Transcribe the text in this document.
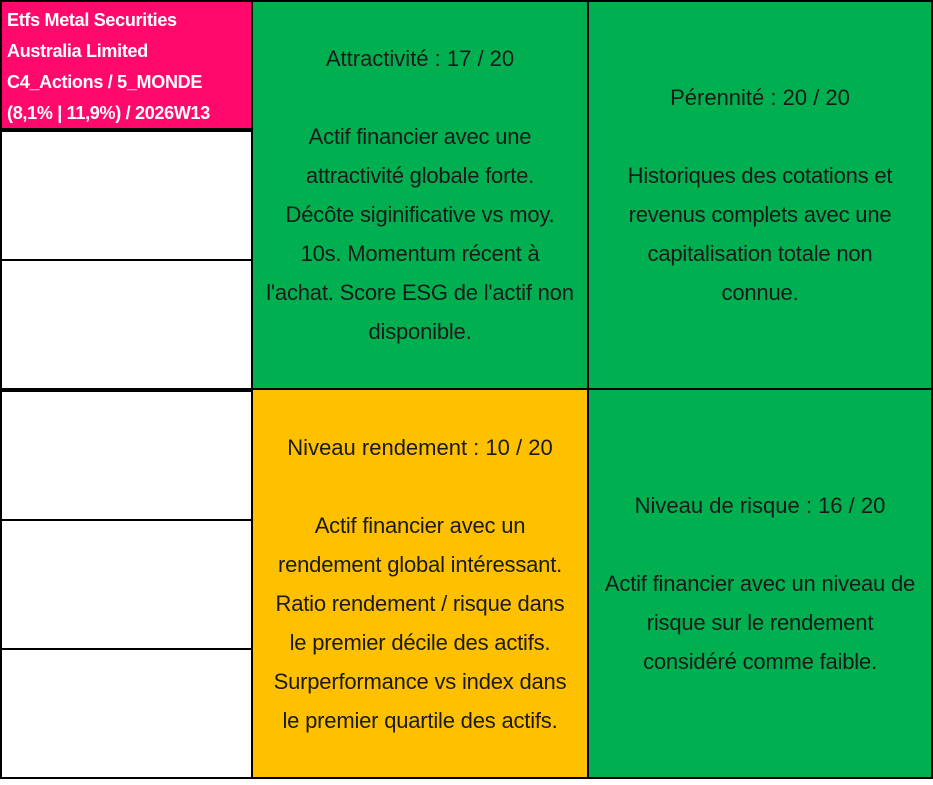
Etfs Metal Securities
Australia Limited
C4_Actions / 5_MONDE
(8,1% | 11,9%) / 2026W13
Attractivité : 17 / 20
Actif financier avec une
attractivité globale forte.
Décôte siginificative vs moy.
10s. Momentum récent à
l'achat. Score ESG de l'actif non
disponible.
Pérennité : 20 / 20
Historiques des cotations et
revenus complets avec une
capitalisation totale non
connue.
Niveau rendement : 10 / 20
Actif financier avec un
rendement global intéressant.
Ratio rendement / risque dans
le premier décile des actifs.
Surperformance vs index dans
le premier quartile des actifs.
Niveau de risque : 16 / 20
Actif financier avec un niveau de
risque sur le rendement
considéré comme faible.
